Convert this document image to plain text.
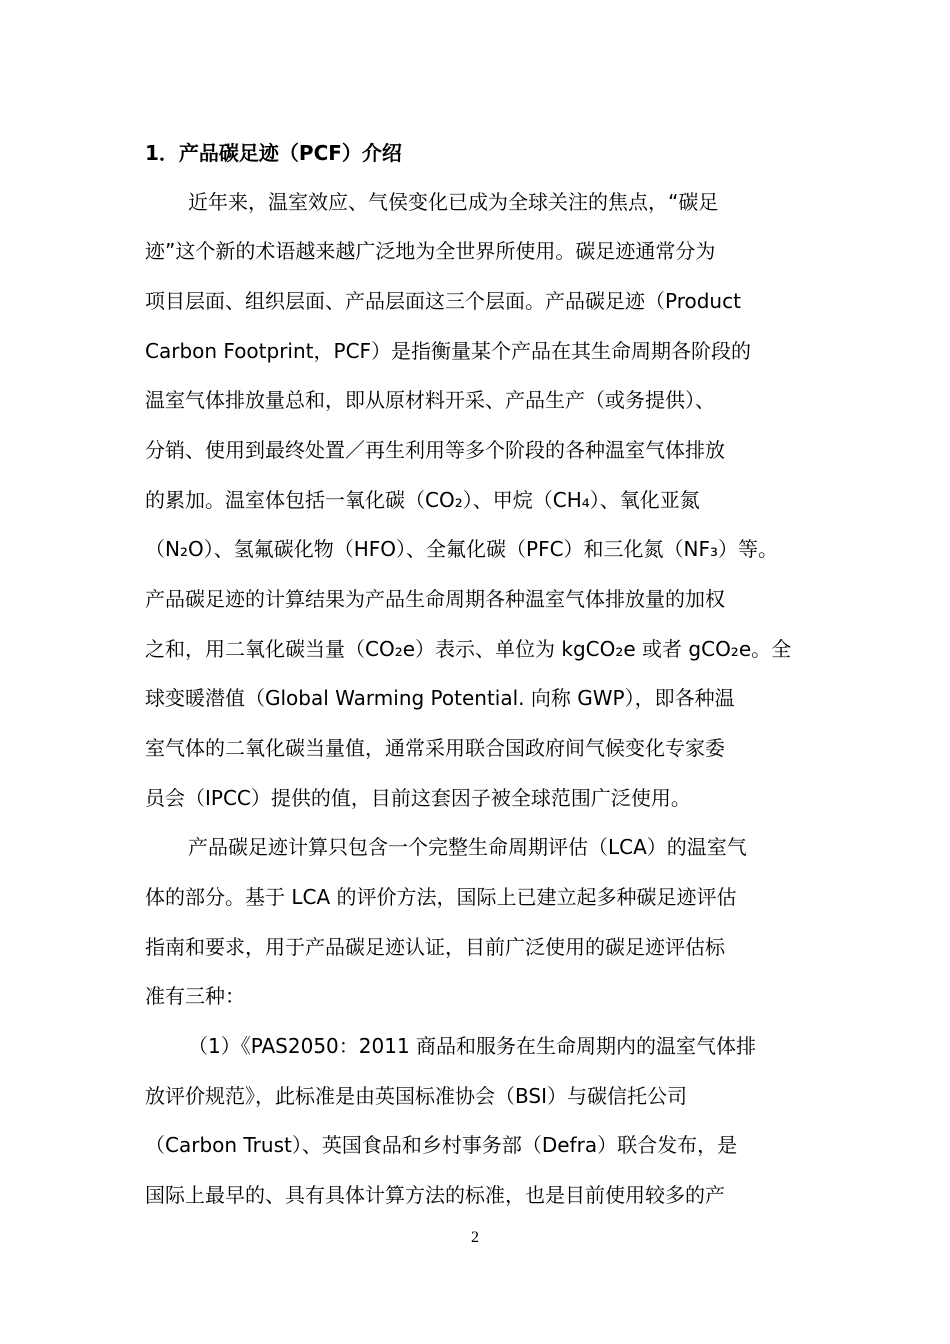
1．产品碳足迹（PCF）介绍
近年来，温室效应、气侯变化已成为全球关注的焦点，“碳足
迹”这个新的术语越来越广泛地为全世界所使用。碳足迹通常分为
项目层面、组织层面、产品层面这三个层面。产品碳足迹（Product
Carbon Footprint，PCF）是指衡量某个产品在其生命周期各阶段的
温室气体排放量总和，即从原材料开采、产品生产（或务提供）、
分销、使用到最终处置／再生利用等多个阶段的各种温室气体排放
的累加。温室体包括一氧化碳（CO₂）、甲烷（CH₄）、氧化亚氮
（N₂O）、氢氟碳化物（HFO）、全氟化碳（PFC）和三化氮（NF₃）等。
产品碳足迹的计算结果为产品生命周期各种温室气体排放量的加权
之和，用二氧化碳当量（CO₂e）表示、单位为 kgCO₂e 或者 gCO₂e。全
球变暖潜值（Global Warming Potential. 向称 GWP），即各种温
室气体的二氧化碳当量值，通常采用联合国政府间气候变化专家委
员会（IPCC）提供的值，目前这套因子被全球范围广泛使用。
产品碳足迹计算只包含一个完整生命周期评估（LCA）的温室气
体的部分。基于 LCA 的评价方法，国际上已建立起多种碳足迹评估
指南和要求，用于产品碳足迹认证，目前广泛使用的碳足迹评估标
准有三种：
（1）《PAS2050：2011 商品和服务在生命周期内的温室气体排
放评价规范》，此标准是由英国标准协会（BSI）与碳信托公司
（Carbon Trust）、英国食品和乡村事务部（Defra）联合发布，是
国际上最早的、具有具体计算方法的标准，也是目前使用较多的产
2
